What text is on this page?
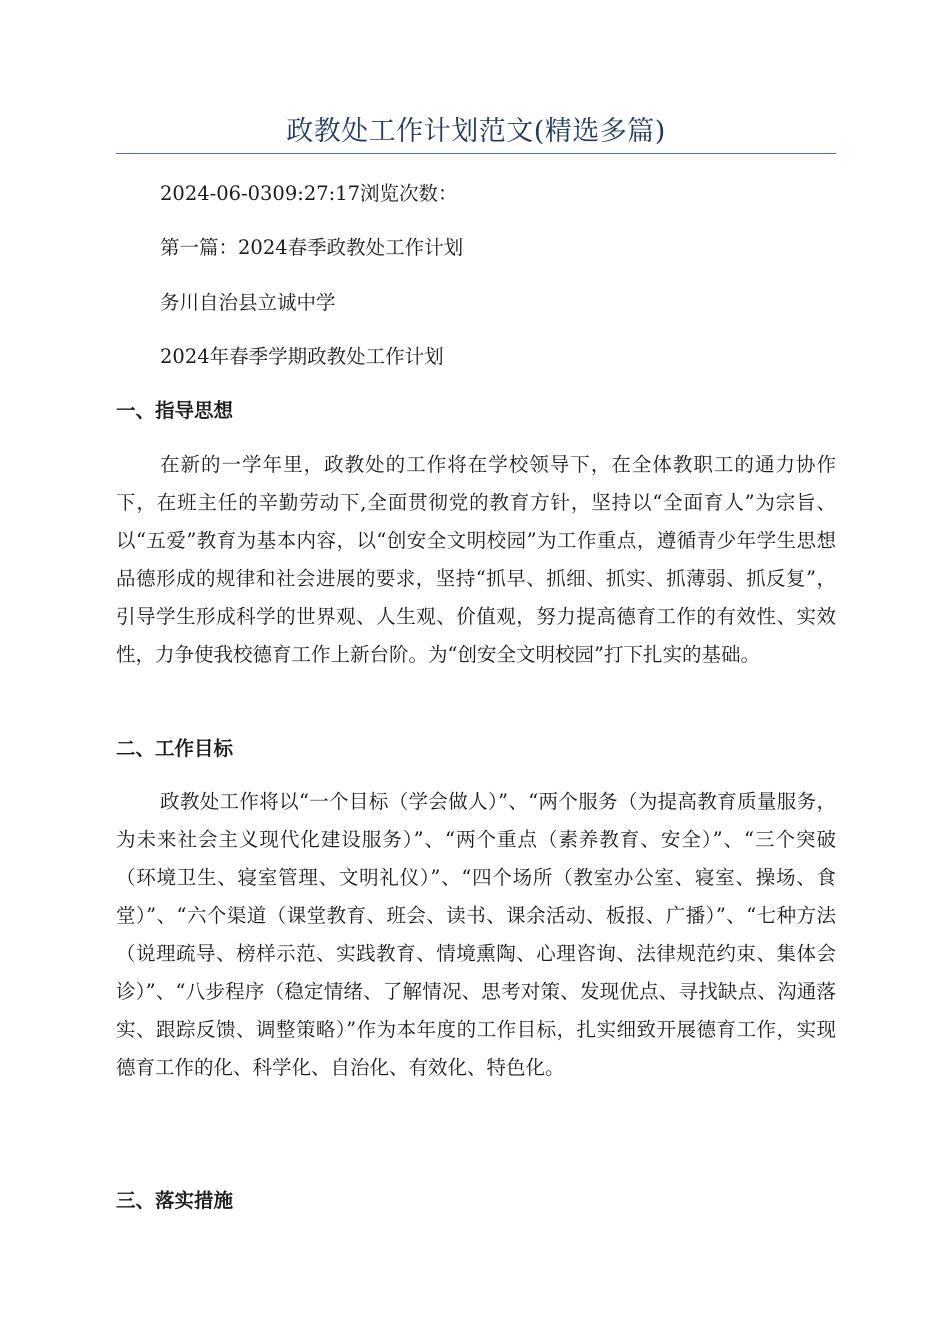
政教处工作计划范文(精选多篇)
2024-06-0309:27:17浏览次数：
第一篇：2024春季政教处工作计划
务川自治县立诚中学
2024年春季学期政教处工作计划
一、指导思想
在新的一学年里，政教处的工作将在学校领导下，在全体教职工的通力协作下，在班主任的辛勤劳动下,全面贯彻党的教育方针，坚持以“全面育人”为宗旨、以“五爱”教育为基本内容，以“创安全文明校园”为工作重点，遵循青少年学生思想品德形成的规律和社会进展的要求，坚持“抓早、抓细、抓实、抓薄弱、抓反复”，引导学生形成科学的世界观、人生观、价值观，努力提高德育工作的有效性、实效性，力争使我校德育工作上新台阶。为“创安全文明校园”打下扎实的基础。
二、工作目标
政教处工作将以“一个目标（学会做人）”、“两个服务（为提高教育质量服务，为未来社会主义现代化建设服务）”、“两个重点（素养教育、安全）”、“三个突破（环境卫生、寝室管理、文明礼仪）”、“四个场所（教室办公室、寝室、操场、食堂）”、“六个渠道（课堂教育、班会、读书、课余活动、板报、广播）”、“七种方法（说理疏导、榜样示范、实践教育、情境熏陶、心理咨询、法律规范约束、集体会诊）”、“八步程序（稳定情绪、了解情况、思考对策、发现优点、寻找缺点、沟通落实、跟踪反馈、调整策略）”作为本年度的工作目标，扎实细致开展德育工作，实现德育工作的化、科学化、自治化、有效化、特色化。
三、落实措施
